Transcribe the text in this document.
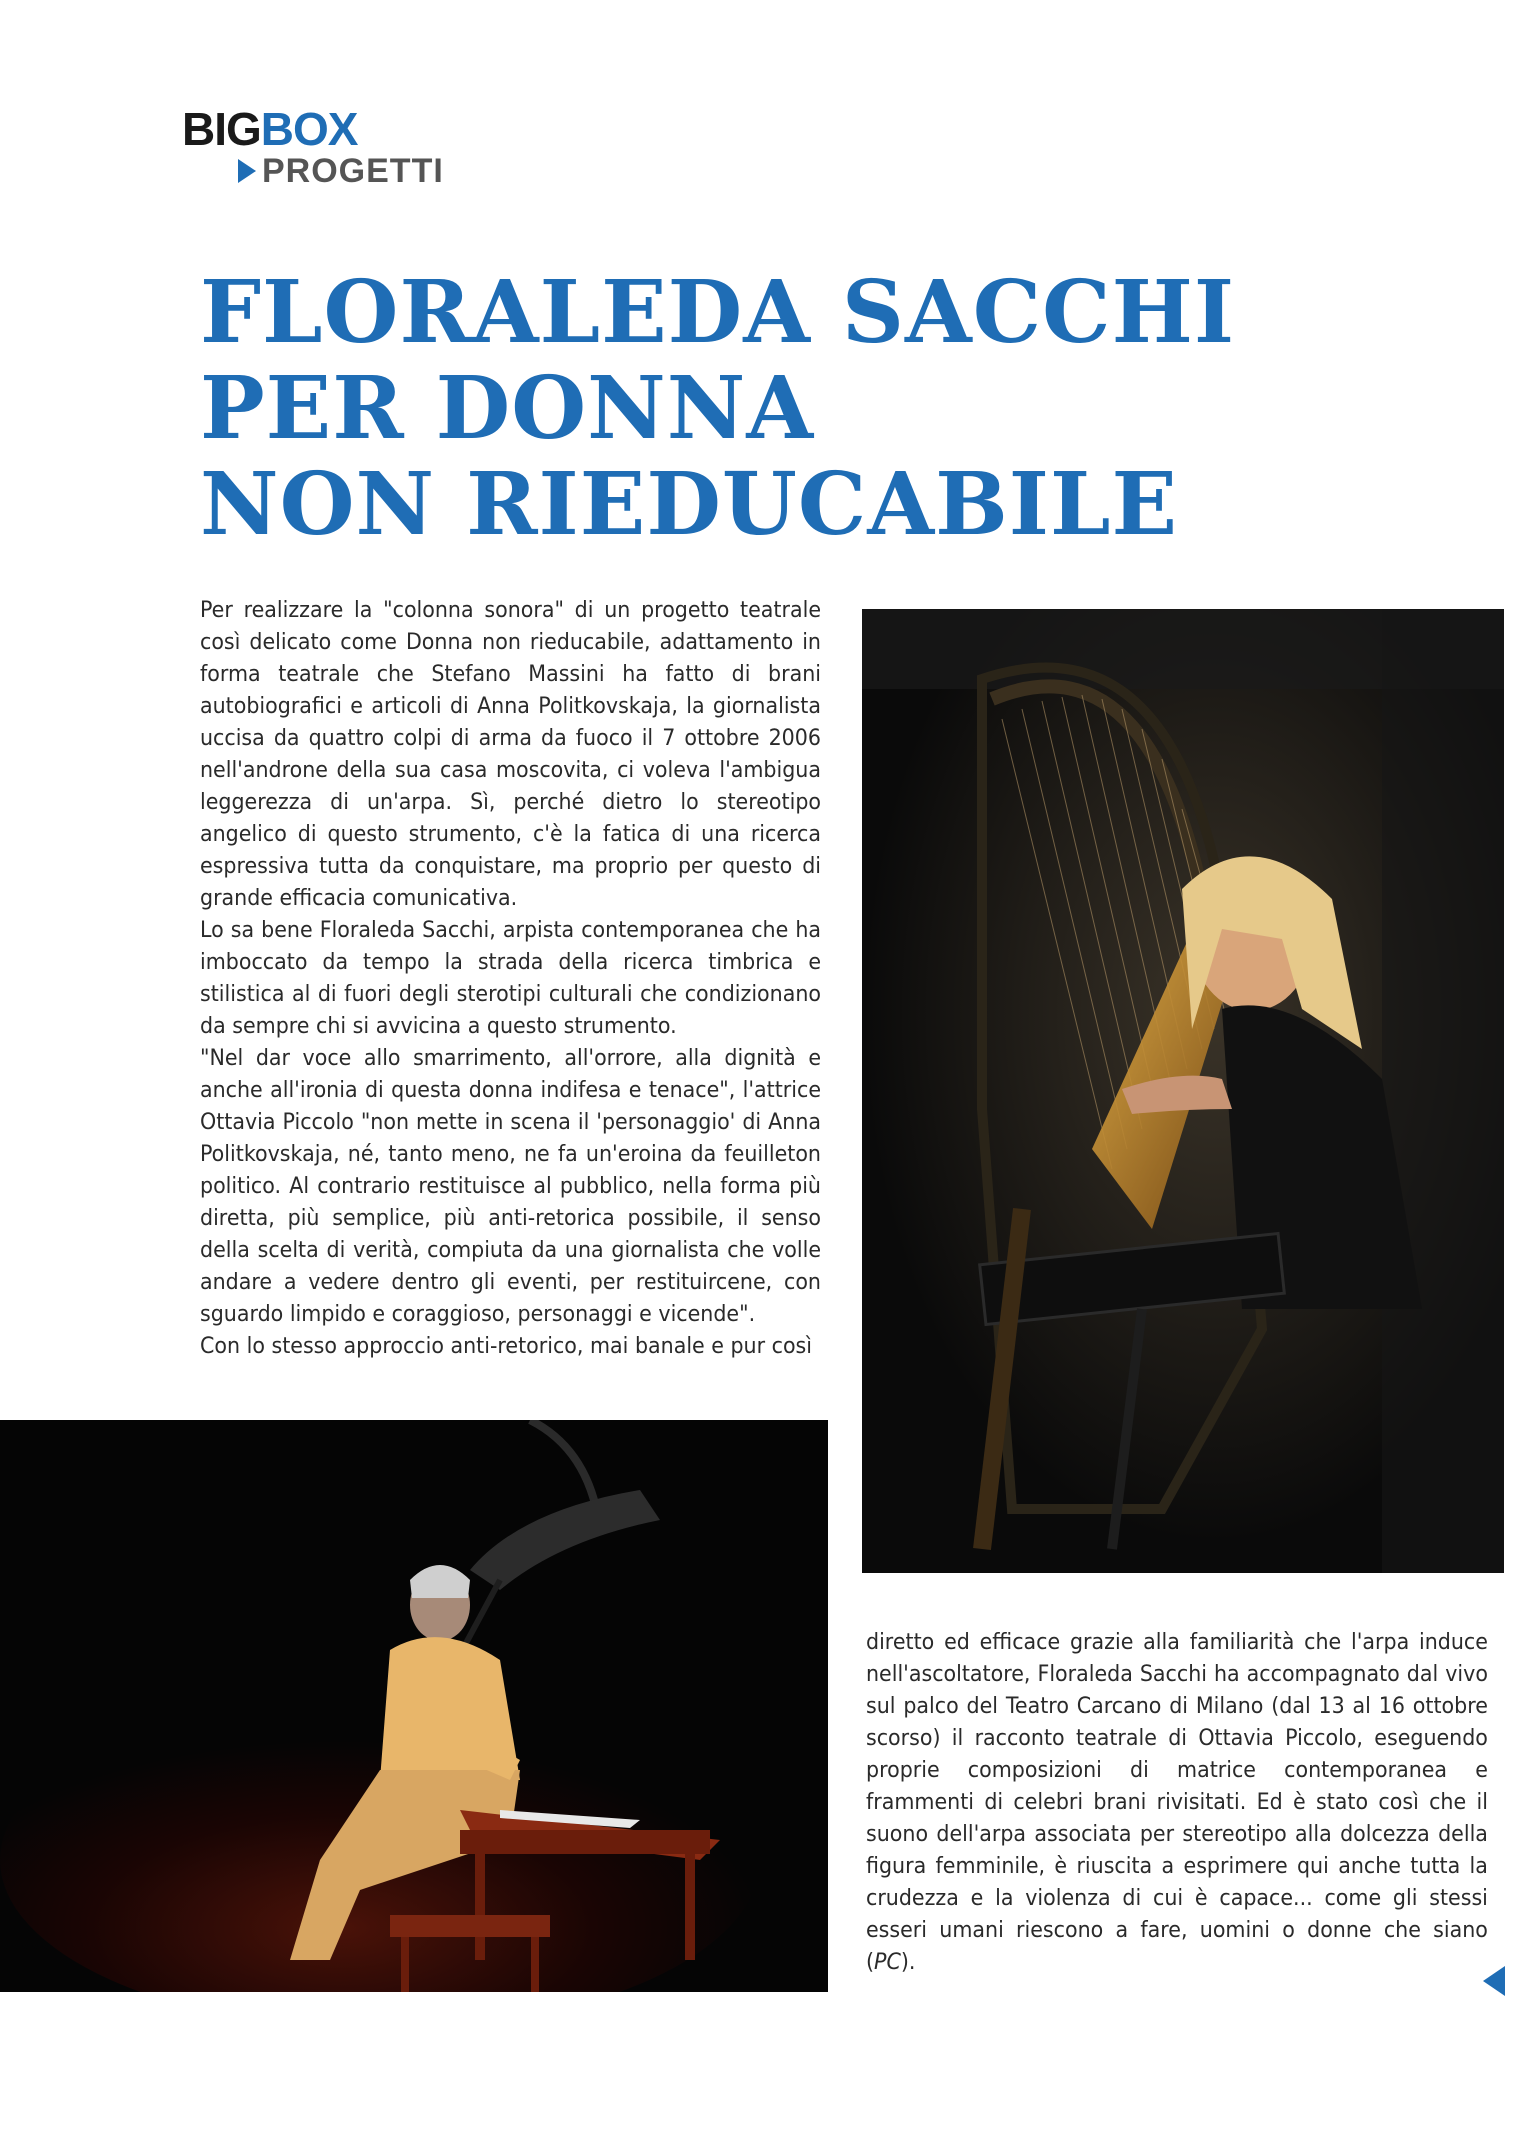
BIGBOX
PROGETTI
FLORALEDA SACCHI
PER DONNA
NON RIEDUCABILE

Per realizzare la "colonna sonora" di un progetto teatrale così delicato come Donna non rieducabile, adattamento in forma teatrale che Stefano Massini ha fatto di brani autobiografici e articoli di Anna Politkovskaja, la giornalista uccisa da quattro colpi di arma da fuoco il 7 ottobre 2006 nell'androne della sua casa moscovita, ci voleva l'ambigua leggerezza di un'arpa. Sì, perché dietro lo stereotipo angelico di questo strumento, c'è la fatica di una ricerca espressiva tutta da conquistare, ma proprio per questo di grande efficacia comunicativa.

Lo sa bene Floraleda Sacchi, arpista contemporanea che ha imboccato da tempo la strada della ricerca timbrica e stilistica al di fuori degli sterotipi culturali che condizionano da sempre chi si avvicina a questo strumento.

"Nel dar voce allo smarrimento, all'orrore, alla dignità e anche all'ironia di questa donna indifesa e tenace", l'attrice Ottavia Piccolo "non mette in scena il 'personaggio' di Anna Politkovskaja, né, tanto meno, ne fa un'eroina da feuilleton politico. Al contrario restituisce al pubblico, nella forma più diretta, più semplice, più anti-retorica possibile, il senso della scelta di verità, compiuta da una giornalista che volle andare a vedere dentro gli eventi, per restituircene, con sguardo limpido e coraggioso, personaggi e vicende".

Con lo stesso approccio anti-retorico, mai banale e pur così

diretto ed efficace grazie alla familiarità che l'arpa induce nell'ascoltatore, Floraleda Sacchi ha accompagnato dal vivo sul palco del Teatro Carcano di Milano (dal 13 al 16 ottobre scorso) il racconto teatrale di Ottavia Piccolo, eseguendo proprie composizioni di matrice contemporanea e frammenti di celebri brani rivisitati. Ed è stato così che il suono dell'arpa associata per stereotipo alla dolcezza della figura femminile, è riuscita a esprimere qui anche tutta la crudezza e la violenza di cui è capace... come gli stessi esseri umani riescono a fare, uomini o donne che siano (PC).
